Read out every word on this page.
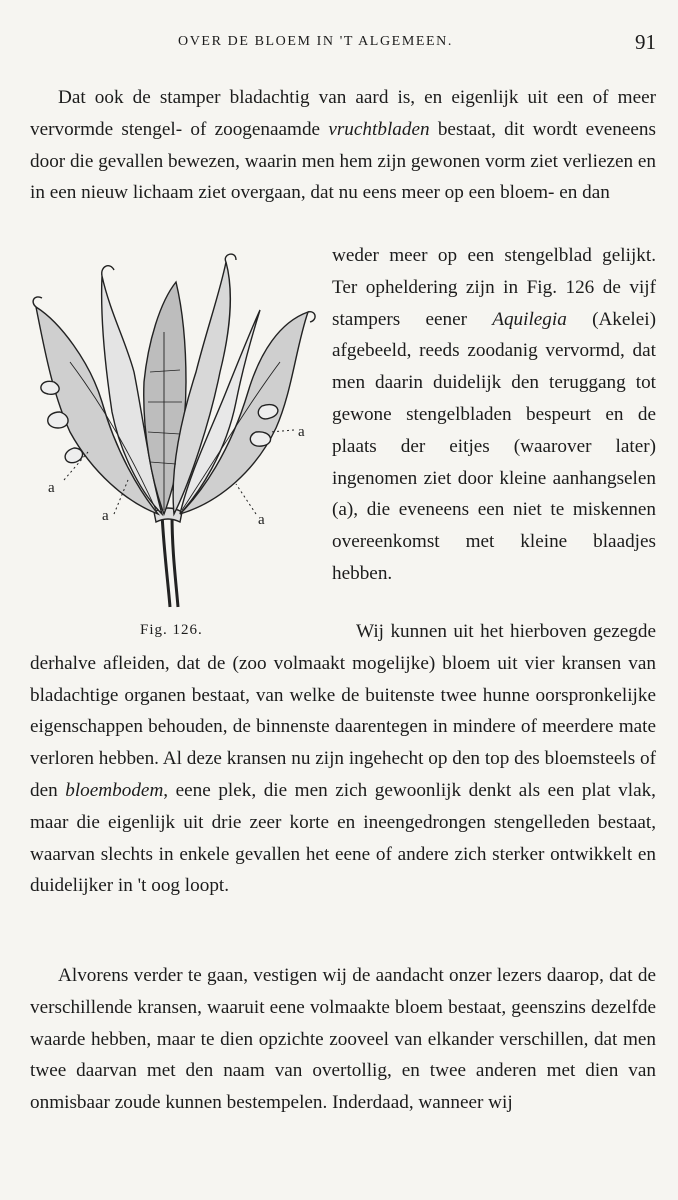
OVER DE BLOEM IN 'T ALGEMEEN.	91

Dat ook de stamper bladachtig van aard is, en eigenlijk uit een of meer vervormde stengel- of zoogenaamde vruchtbladen bestaat, dit wordt eveneens door die gevallen bewezen, waarin men hem zijn gewonen vorm ziet verliezen en in een nieuw lichaam ziet overgaan, dat nu eens meer op een bloem- en dan

a
a	a
a
Fig. 126.

weder meer op een stengelblad gelijkt. Ter opheldering zijn in Fig. 126 de vijf stampers eener Aquilegia (Akelei) afgebeeld, reeds zoodanig vervormd, dat men daarin duidelijk den teruggang tot gewone stengelbladen bespeurt en de plaats der eitjes (waarover later) ingenomen ziet door kleine aanhangselen (a), die eveneens een niet te miskennen overeenkomst met kleine blaadjes hebben.

Wij kunnen uit het hierboven gezegde derhalve afleiden, dat de (zoo volmaakt mogelijke) bloem uit vier kransen van bladachtige organen bestaat, van welke de buitenste twee hunne oorspronkelijke eigenschappen behouden, de binnenste daarentegen in mindere of meerdere mate verloren hebben. Al deze kransen nu zijn ingehecht op den top des bloemsteels of den bloembodem, eene plek, die men zich gewoonlijk denkt als een plat vlak, maar die eigenlijk uit drie zeer korte en ineengedrongen stengelleden bestaat, waarvan slechts in enkele gevallen het eene of andere zich sterker ontwikkelt en duidelijker in 't oog loopt.

Alvorens verder te gaan, vestigen wij de aandacht onzer lezers daarop, dat de verschillende kransen, waaruit eene volmaakte bloem bestaat, geenszins dezelfde waarde hebben, maar te dien opzichte zooveel van elkander verschillen, dat men twee daarvan met den naam van overtollig, en twee anderen met dien van onmisbaar zoude kunnen bestempelen. Inderdaad, wanneer wij
